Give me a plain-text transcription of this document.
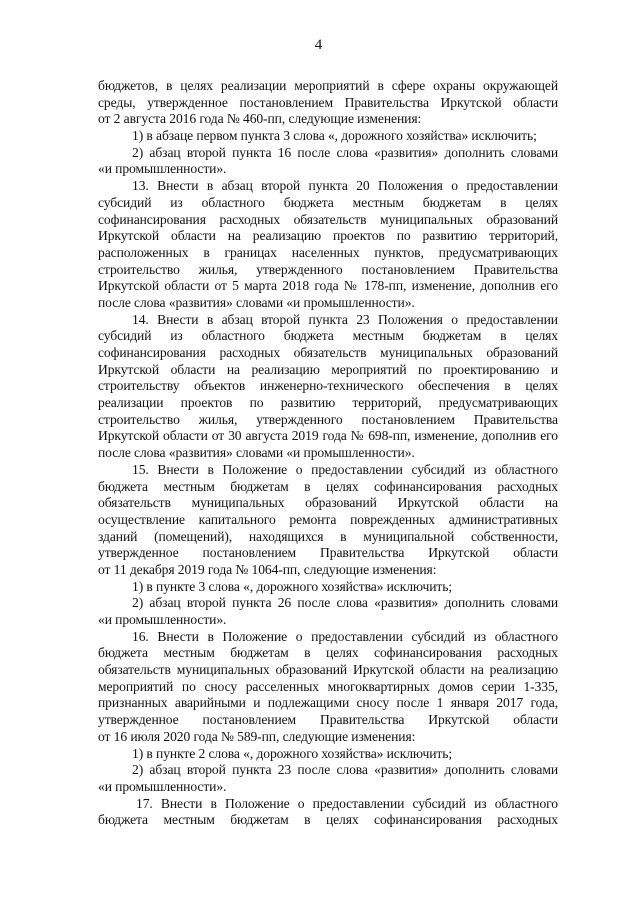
4
бюджетов, в целях реализации мероприятий в сфере охраны окружающей
среды, утвержденное постановлением Правительства Иркутской области
от 2 августа 2016 года № 460-пп, следующие изменения:
1) в абзаце первом пункта 3 слова «, дорожного хозяйства» исключить;
2) абзац второй пункта 16 после слова «развития» дополнить словами
«и промышленности».
13. Внести в абзац второй пункта 20 Положения о предоставлении
субсидий из областного бюджета местным бюджетам в целях
софинансирования расходных обязательств муниципальных образований
Иркутской области на реализацию проектов по развитию территорий,
расположенных в границах населенных пунктов, предусматривающих
строительство жилья, утвержденного постановлением Правительства
Иркутской области от 5 марта 2018 года № 178-пп, изменение, дополнив его
после слова «развития» словами «и промышленности».
14. Внести в абзац второй пункта 23 Положения о предоставлении
субсидий из областного бюджета местным бюджетам в целях
софинансирования расходных обязательств муниципальных образований
Иркутской области на реализацию мероприятий по проектированию и
строительству объектов инженерно-технического обеспечения в целях
реализации проектов по развитию территорий, предусматривающих
строительство жилья, утвержденного постановлением Правительства
Иркутской области от 30 августа 2019 года № 698-пп, изменение, дополнив его
после слова «развития» словами «и промышленности».
15. Внести в Положение о предоставлении субсидий из областного
бюджета местным бюджетам в целях софинансирования расходных
обязательств муниципальных образований Иркутской области на
осуществление капитального ремонта поврежденных административных
зданий (помещений), находящихся в муниципальной собственности,
утвержденное постановлением Правительства Иркутской области
от 11 декабря 2019 года № 1064-пп, следующие изменения:
1) в пункте 3 слова «, дорожного хозяйства» исключить;
2) абзац второй пункта 26 после слова «развития» дополнить словами
«и промышленности».
16. Внести в Положение о предоставлении субсидий из областного
бюджета местным бюджетам в целях софинансирования расходных
обязательств муниципальных образований Иркутской области на реализацию
мероприятий по сносу расселенных многоквартирных домов серии 1-335,
признанных аварийными и подлежащими сносу после 1 января 2017 года,
утвержденное постановлением Правительства Иркутской области
от 16 июля 2020 года № 589-пп, следующие изменения:
1) в пункте 2 слова «, дорожного хозяйства» исключить;
2) абзац второй пункта 23 после слова «развития» дополнить словами
«и промышленности».
17. Внести в Положение о предоставлении субсидий из областного
бюджета местным бюджетам в целях софинансирования расходных
